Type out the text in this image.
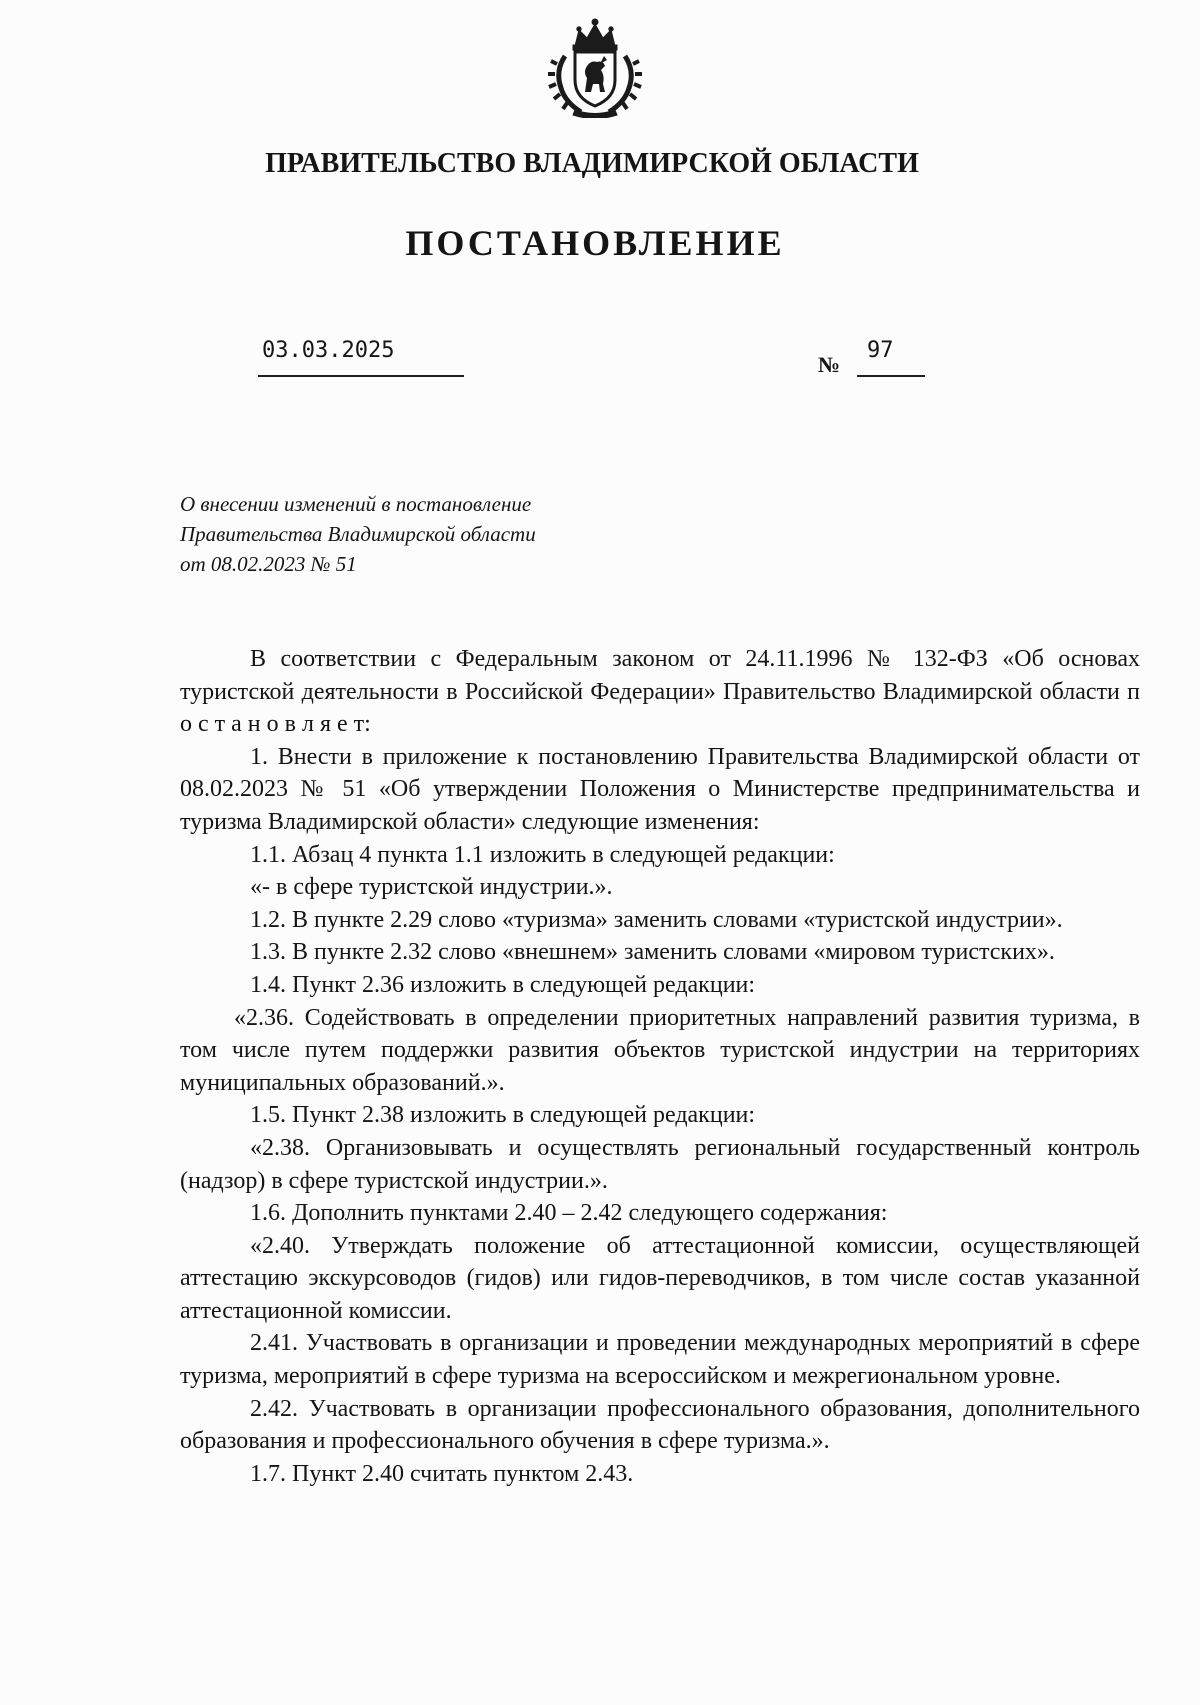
ПРАВИТЕЛЬСТВО ВЛАДИМИРСКОЙ ОБЛАСТИ
ПОСТАНОВЛЕНИЕ
03.03.2025
№
97
О внесении изменений в постановление
Правительства Владимирской области
от 08.02.2023 № 51

В соответствии с Федеральным законом от 24.11.1996 № 132-ФЗ «Об основах туристской деятельности в Российской Федерации» Правительство Владимирской области п о с т а н о в л я е т:

1. Внести в приложение к постановлению Правительства Владимирской области от 08.02.2023 № 51 «Об утверждении Положения о Министерстве предпринимательства и туризма Владимирской области» следующие изменения:

1.1. Абзац 4 пункта 1.1 изложить в следующей редакции:

«- в сфере туристской индустрии.».

1.2. В пункте 2.29 слово «туризма» заменить словами «туристской индустрии».

1.3. В пункте 2.32 слово «внешнем» заменить словами «мировом туристских».

1.4. Пункт 2.36 изложить в следующей редакции:

«2.36. Содействовать в определении приоритетных направлений развития туризма, в том числе путем поддержки развития объектов туристской индустрии на территориях муниципальных образований.».

1.5. Пункт 2.38 изложить в следующей редакции:

«2.38. Организовывать и осуществлять региональный государственный контроль (надзор) в сфере туристской индустрии.».

1.6. Дополнить пунктами 2.40 – 2.42 следующего содержания:

«2.40. Утверждать положение об аттестационной комиссии, осуществляющей аттестацию экскурсоводов (гидов) или гидов-переводчиков, в том числе состав указанной аттестационной комиссии.

2.41. Участвовать в организации и проведении международных мероприятий в сфере туризма, мероприятий в сфере туризма на всероссийском и межрегиональном уровне.

2.42. Участвовать в организации профессионального образования, дополнительного образования и профессионального обучения в сфере туризма.».

1.7. Пункт 2.40 считать пунктом 2.43.
